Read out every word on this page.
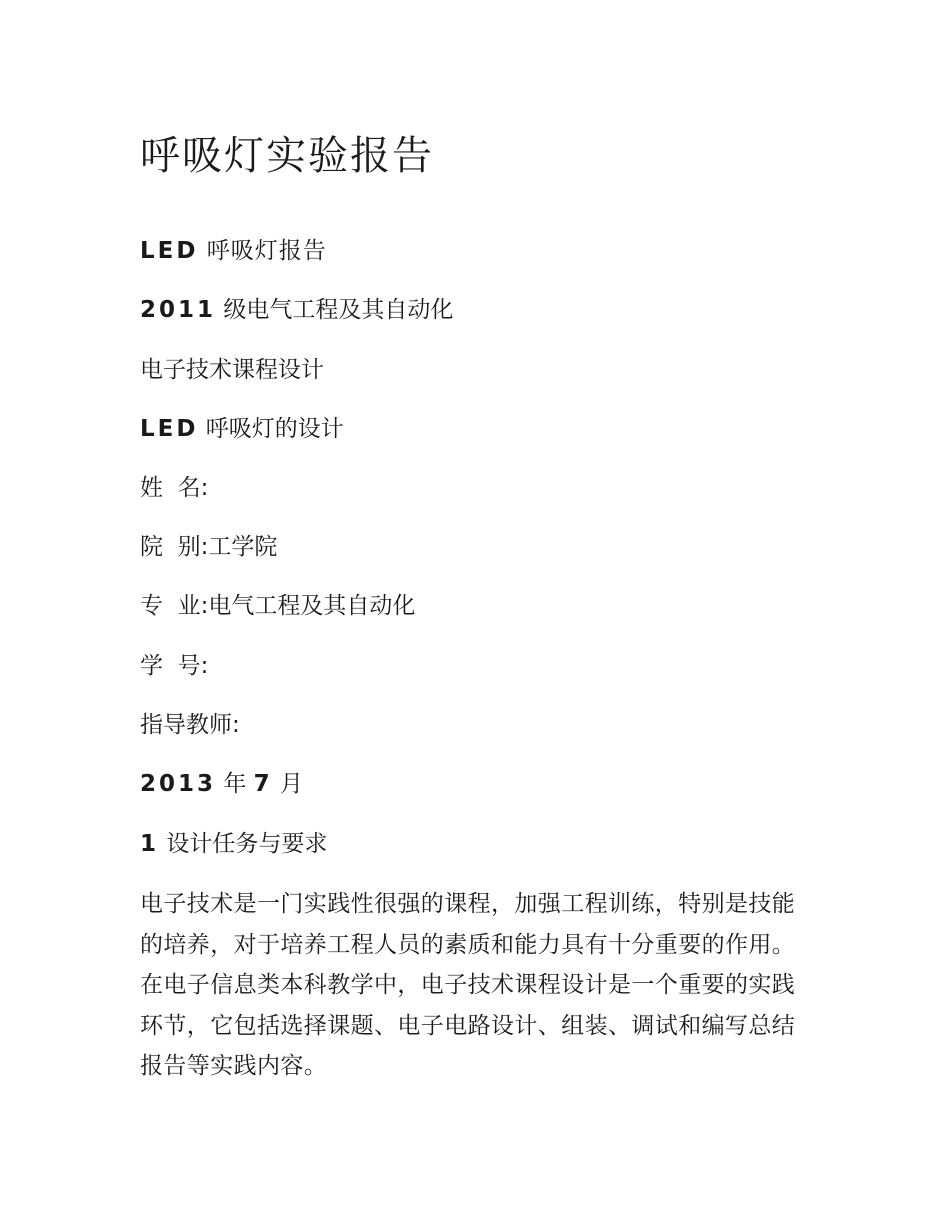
呼吸灯实验报告

LED 呼吸灯报告

2011 级电气工程及其自动化

电子技术课程设计

LED 呼吸灯的设计

姓  名:

院  别:工学院

专  业:电气工程及其自动化

学  号:

指导教师:

2013 年 7 月

1 设计任务与要求

电子技术是一门实践性很强的课程，加强工程训练，特别是技能的培养，对于培养工程人员的素质和能力具有十分重要的作用。在电子信息类本科教学中，电子技术课程设计是一个重要的实践环节，它包括选择课题、电子电路设计、组装、调试和编写总结报告等实践内容。
